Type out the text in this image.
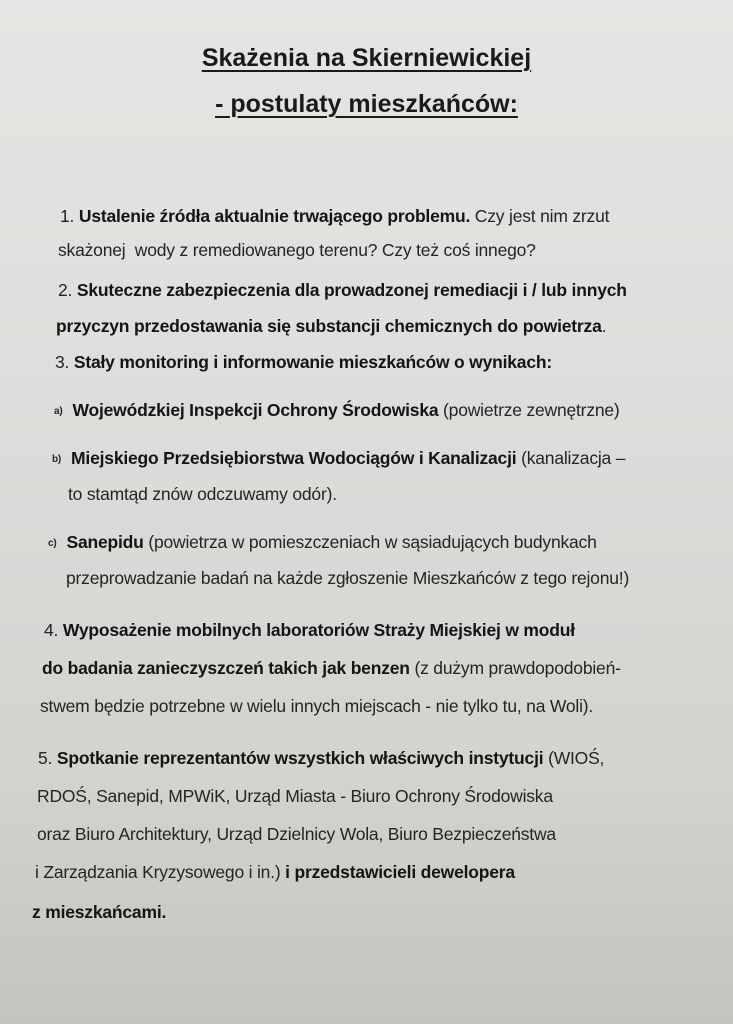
Skażenia na Skierniewickiej
- postulaty mieszkańców:
1. Ustalenie źródła aktualnie trwającego problemu. Czy jest nim zrzut
skażonej  wody z remediowanego terenu? Czy też coś innego?
2. Skuteczne zabezpieczenia dla prowadzonej remediacji i / lub innych
przyczyn przedostawania się substancji chemicznych do powietrza.
3. Stały monitoring i informowanie mieszkańców o wynikach:
$^{a)}$ Wojewódzkiej Inspekcji Ochrony Środowiska (powietrze zewnętrzne)
$^{b)}$ Miejskiego Przedsiębiorstwa Wodociągów i Kanalizacji (kanalizacja –
to stamtąd znów odczuwamy odór).
$^{c)}$ Sanepidu (powietrza w pomieszczeniach w sąsiadujących budynkach
przeprowadzanie badań na każde zgłoszenie Mieszkańców z tego rejonu!)
4. Wyposażenie mobilnych laboratoriów Straży Miejskiej w moduł
do badania zanieczyszczeń takich jak benzen (z dużym prawdopodobień-
stwem będzie potrzebne w wielu innych miejscach - nie tylko tu, na Woli).
5. Spotkanie reprezentantów wszystkich właściwych instytucji (WIOŚ,
RDOŚ, Sanepid, MPWiK, Urząd Miasta - Biuro Ochrony Środowiska
oraz Biuro Architektury, Urząd Dzielnicy Wola, Biuro Bezpieczeństwa
i Zarządzania Kryzysowego i in.) i przedstawicieli dewelopera
z mieszkańcami.
